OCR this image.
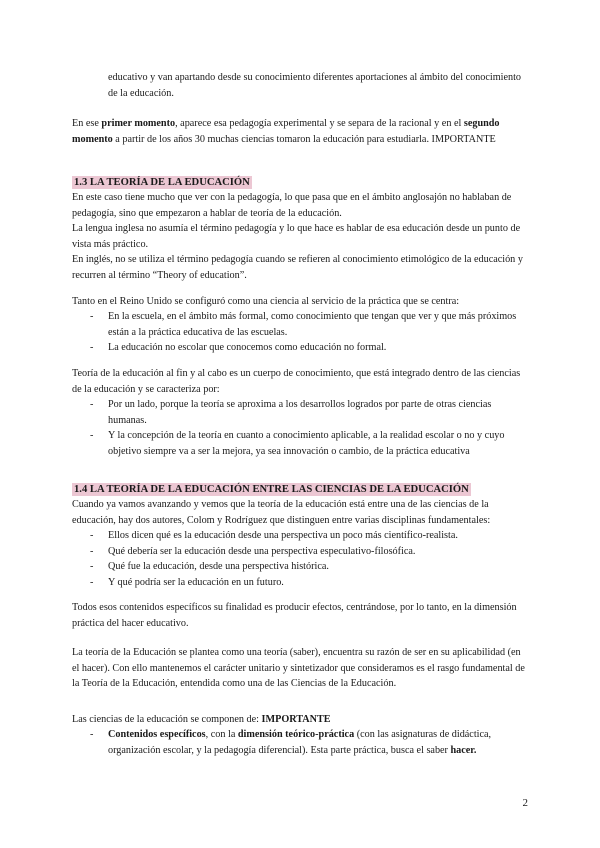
educativo y van apartando desde su conocimiento diferentes aportaciones al ámbito del conocimiento de la educación.

En ese primer momento, aparece esa pedagogía experimental y se separa de la racional y en el segundo momento a partir de los años 30 muchas ciencias tomaron la educación para estudiarla. IMPORTANTE

1.3 LA TEORÍA DE LA EDUCACIÓN

En este caso tiene mucho que ver con la pedagogía, lo que pasa que en el ámbito anglosajón no hablaban de pedagogía, sino que empezaron a hablar de teoría de la educación.

La lengua inglesa no asumía el término pedagogía y lo que hace es hablar de esa educación desde un punto de vista más práctico.

En inglés, no se utiliza el término pedagogía cuando se refieren al conocimiento etimológico de la educación y recurren al término “Theory of education”.

Tanto en el Reino Unido se configuró como una ciencia al servicio de la práctica que se centra:

- En la escuela, en el ámbito más formal, como conocimiento que tengan que ver y que más próximos están a la práctica educativa de las escuelas.
- La educación no escolar que conocemos como educación no formal.

Teoría de la educación al fin y al cabo es un cuerpo de conocimiento, que está integrado dentro de las ciencias de la educación y se caracteriza por:

- Por un lado, porque la teoría se aproxima a los desarrollos logrados por parte de otras ciencias humanas.
- Y la concepción de la teoría en cuanto a conocimiento aplicable, a la realidad escolar o no y cuyo objetivo siempre va a ser la mejora, ya sea innovación o cambio, de la práctica educativa
1.4 LA TEORÍA DE LA EDUCACIÓN ENTRE LAS CIENCIAS DE LA EDUCACIÓN

Cuando ya vamos avanzando y vemos que la teoría de la educación está entre una de las ciencias de la educación, hay dos autores, Colom y Rodríguez que distinguen entre varias disciplinas fundamentales:

- Ellos dicen qué es la educación desde una perspectiva un poco más científico-realista.
- Qué debería ser la educación desde una perspectiva especulativo-filosófica.
- Qué fue la educación, desde una perspectiva histórica.
- Y qué podría ser la educación en un futuro.

Todos esos contenidos específicos su finalidad es producir efectos, centrándose, por lo tanto, en la dimensión práctica del hacer educativo.

La teoría de la Educación se plantea como una teoría (saber), encuentra su razón de ser en su aplicabilidad (en el hacer). Con ello mantenemos el carácter unitario y sintetizador que consideramos es el rasgo fundamental de la Teoría de la Educación, entendida como una de las Ciencias de la Educación.

Las ciencias de la educación se componen de: IMPORTANTE

- Contenidos específicos, con la dimensión teórico-práctica (con las asignaturas de didáctica, organización escolar, y la pedagogía diferencial). Esta parte práctica, busca el saber hacer.
2
